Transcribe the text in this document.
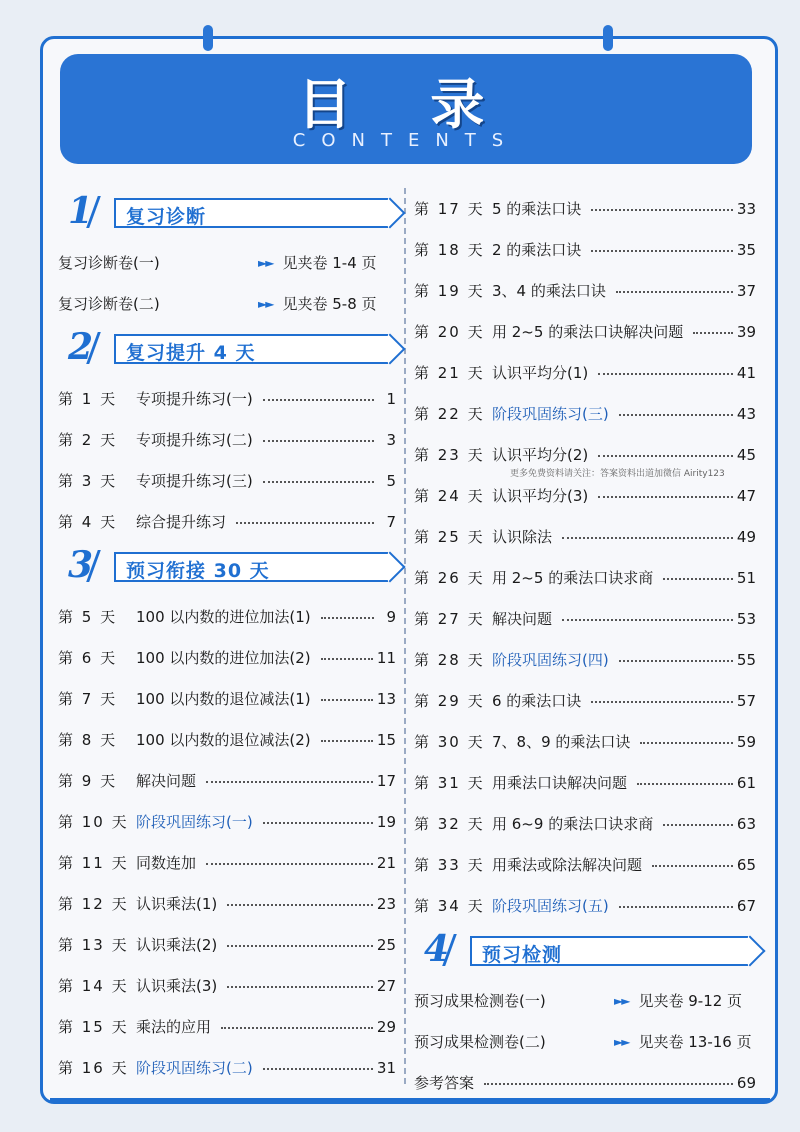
目 录
CONTENTS
1 复习诊断
复习诊断卷(一)	►► 见夹卷 1-4 页
复习诊断卷(二)	►► 见夹卷 5-8 页
2 复习提升 4 天
第 1 天	专项提升练习(一)	1
第 2 天	专项提升练习(二)	3
第 3 天	专项提升练习(三)	5
第 4 天	综合提升练习	7
3 预习衔接 30 天
第 5 天	100 以内数的进位加法(1)	9
第 6 天	100 以内数的进位加法(2)	11
第 7 天	100 以内数的退位减法(1)	13
第 8 天	100 以内数的退位减法(2)	15
第 9 天	解决问题	17
第 10 天 阶段巩固练习(一)	19
第 11 天 同数连加	21
第 12 天 认识乘法(1)	23
第 13 天 认识乘法(2)	25
第 14 天 认识乘法(3)	27
第 15 天 乘法的应用	29
第 16 天 阶段巩固练习(二)	31
第 17 天 5 的乘法口诀	33
第 18 天 2 的乘法口诀	35
第 19 天 3、4 的乘法口诀	37
第 20 天 用 2~5 的乘法口诀解决问题	39
第 21 天 认识平均分(1)	41
第 22 天 阶段巩固练习(三)	43
第 23 天 认识平均分(2)	45
第 24 天 认识平均分(3)	47
第 25 天 认识除法	49
第 26 天 用 2~5 的乘法口诀求商	51
第 27 天 解决问题	53
第 28 天 阶段巩固练习(四)	55
第 29 天 6 的乘法口诀	57
第 30 天 7、8、9 的乘法口诀	59
第 31 天 用乘法口诀解决问题	61
第 32 天 用 6~9 的乘法口诀求商	63
第 33 天 用乘法或除法解决问题	65
第 34 天 阶段巩固练习(五)	67
4 预习检测
预习成果检测卷(一)	►► 见夹卷 9-12 页
预习成果检测卷(二)	►► 见夹卷 13-16 页
参考答案	69
更多免费资料请关注：答案资料出道加微信 Airity123
